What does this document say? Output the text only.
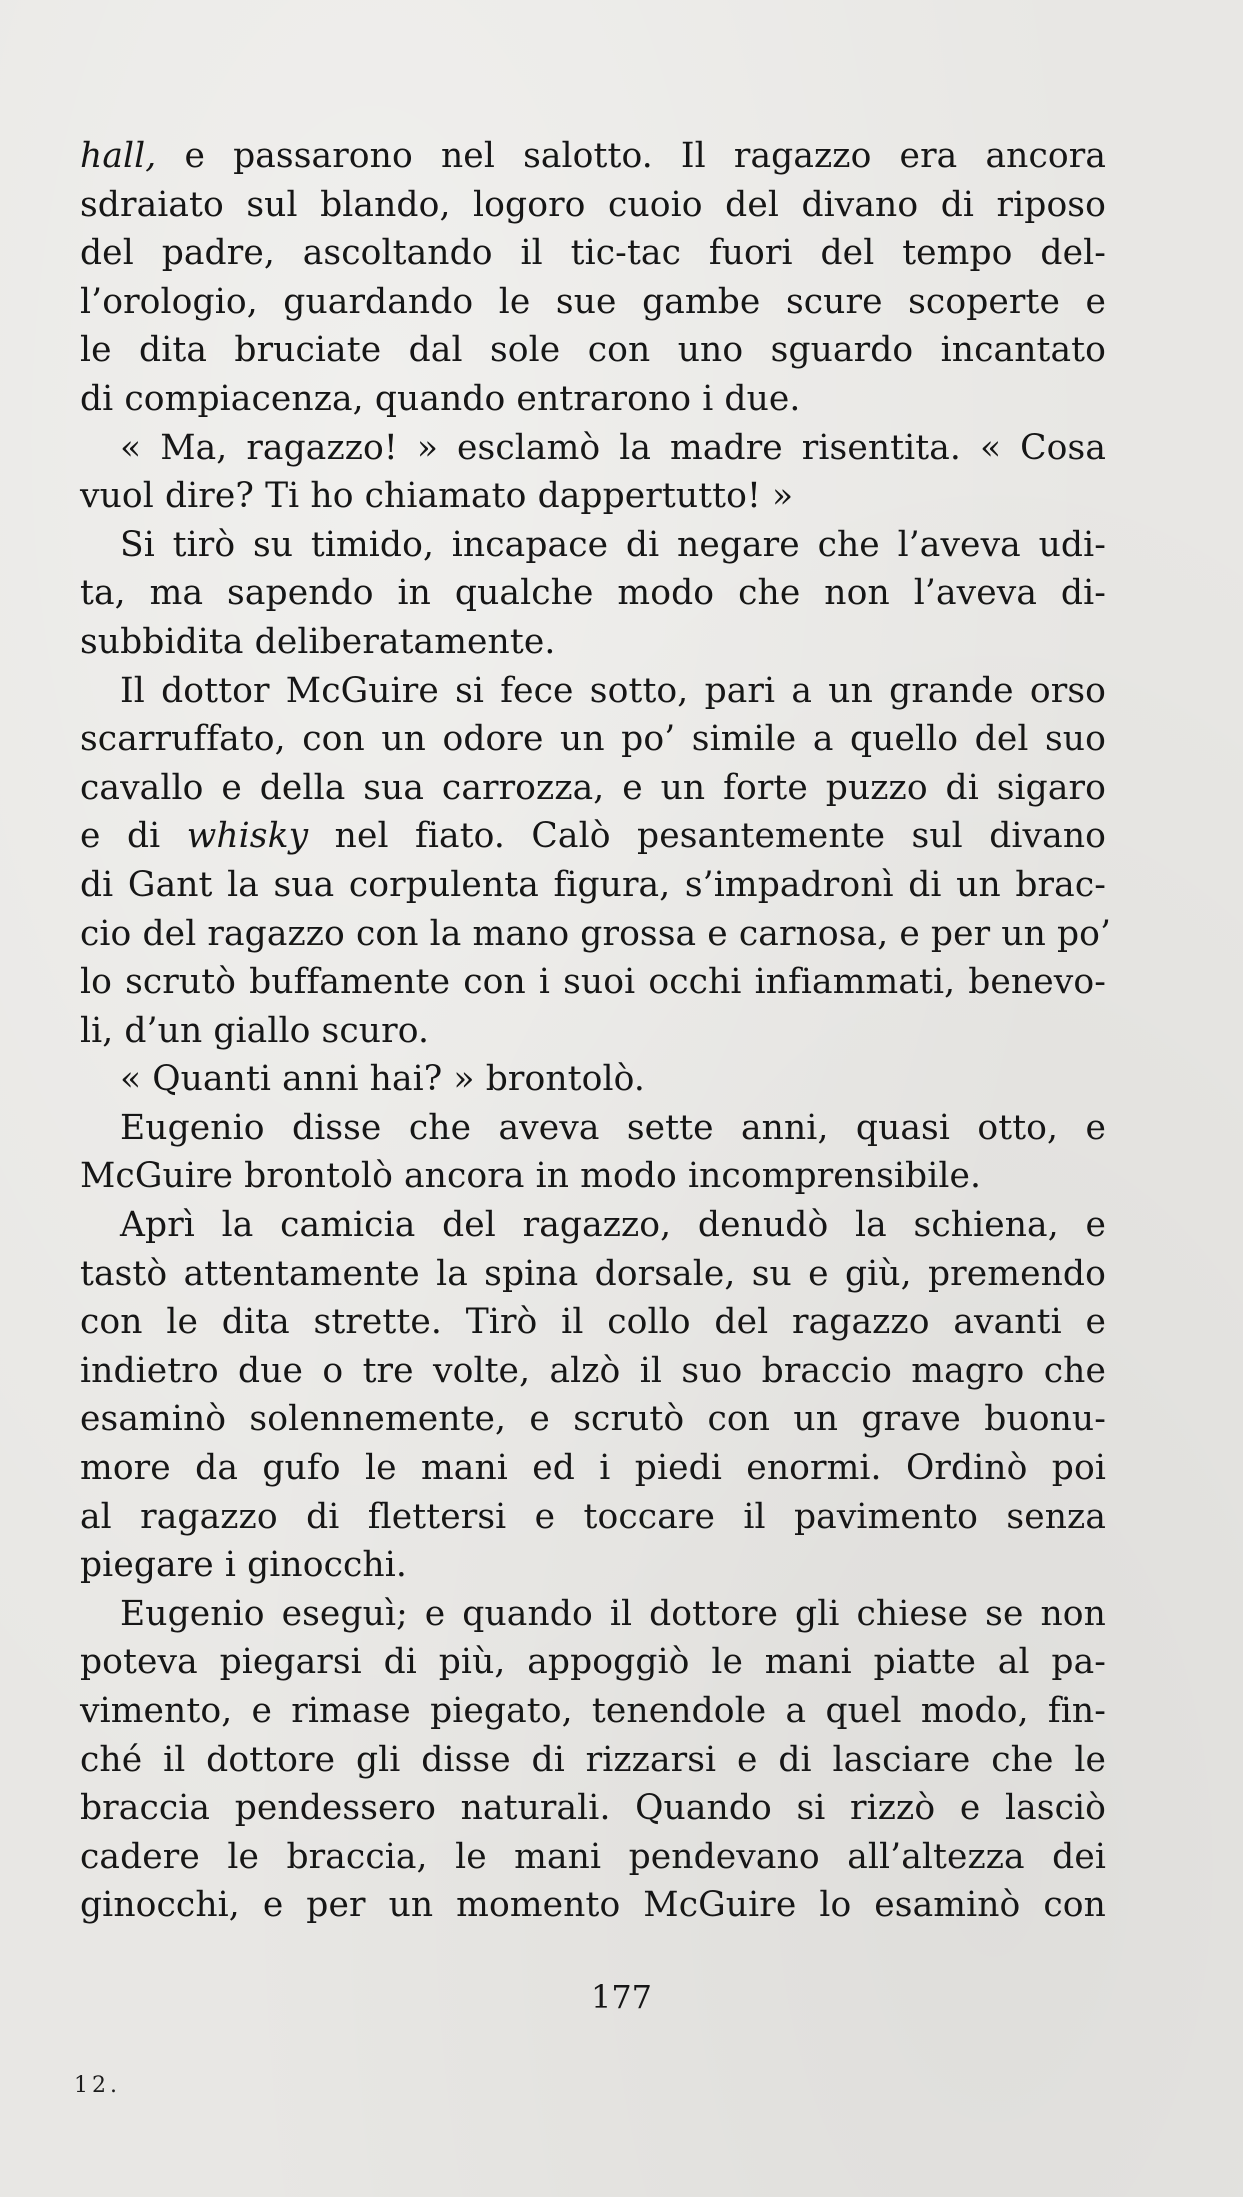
hall, e passarono nel salotto. Il ragazzo era ancora
sdraiato sul blando, logoro cuoio del divano di riposo
del padre, ascoltando il tic-tac fuori del tempo del-
l’orologio, guardando le sue gambe scure scoperte e
le dita bruciate dal sole con uno sguardo incantato
di compiacenza, quando entrarono i due.
« Ma, ragazzo! » esclamò la madre risentita. « Cosa
vuol dire? Ti ho chiamato dappertutto! »
Si tirò su timido, incapace di negare che l’aveva udi-
ta, ma sapendo in qualche modo che non l’aveva di-
subbidita deliberatamente.
Il dottor McGuire si fece sotto, pari a un grande orso
scarruffato, con un odore un po’ simile a quello del suo
cavallo e della sua carrozza, e un forte puzzo di sigaro
e di whisky nel fiato. Calò pesantemente sul divano
di Gant la sua corpulenta figura, s’impadronì di un brac-
cio del ragazzo con la mano grossa e carnosa, e per un po’
lo scrutò buffamente con i suoi occhi infiammati, benevo-
li, d’un giallo scuro.
« Quanti anni hai? » brontolò.
Eugenio disse che aveva sette anni, quasi otto, e
McGuire brontolò ancora in modo incomprensibile.
Aprì la camicia del ragazzo, denudò la schiena, e
tastò attentamente la spina dorsale, su e giù, premendo
con le dita strette. Tirò il collo del ragazzo avanti e
indietro due o tre volte, alzò il suo braccio magro che
esaminò solennemente, e scrutò con un grave buonu-
more da gufo le mani ed i piedi enormi. Ordinò poi
al ragazzo di flettersi e toccare il pavimento senza
piegare i ginocchi.
Eugenio eseguì; e quando il dottore gli chiese se non
poteva piegarsi di più, appoggiò le mani piatte al pa-
vimento, e rimase piegato, tenendole a quel modo, fin-
ché il dottore gli disse di rizzarsi e di lasciare che le
braccia pendessero naturali. Quando si rizzò e lasciò
cadere le braccia, le mani pendevano all’altezza dei
ginocchi, e per un momento McGuire lo esaminò con
177
12.
